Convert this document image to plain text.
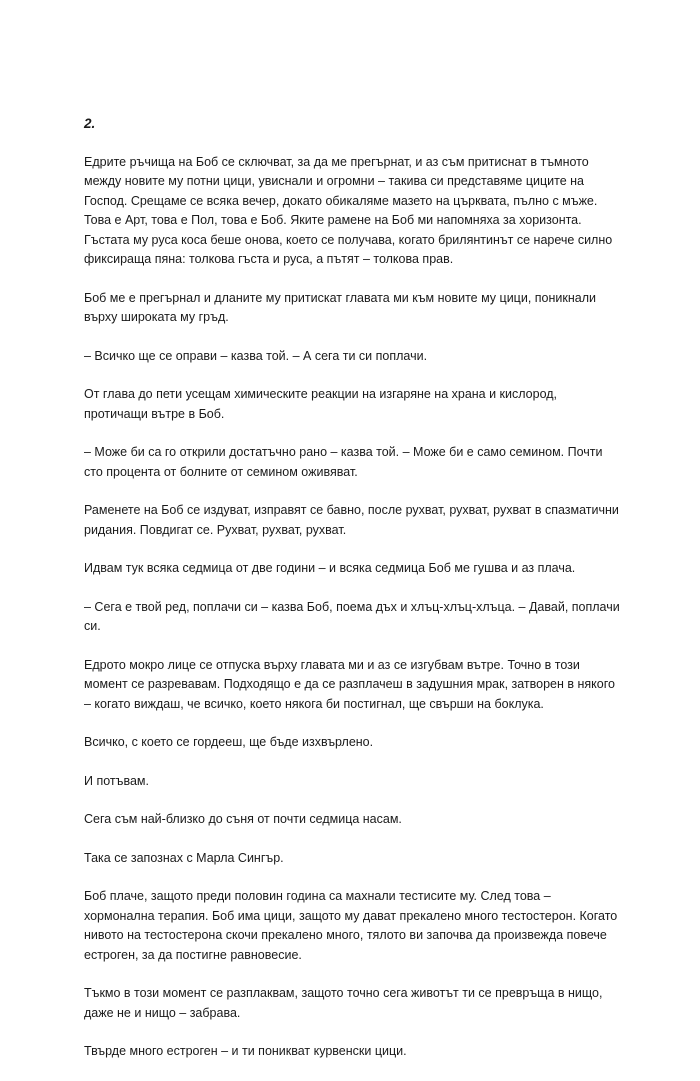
2.

Едрите ръчища на Боб се сключват, за да ме прегърнат, и аз съм притиснат в тъмното между новите му потни цици, увиснали и огромни – такива си представяме циците на Господ. Срещаме се всяка вечер, докато обикаляме мазето на църквата, пълно с мъже. Това е Арт, това е Пол, това е Боб. Яките рамене на Боб ми напомняха за хоризонта. Гъстата му руса коса беше онова, което се получава, когато брилянтинът се нарече силно фиксираща пяна: толкова гъста и руса, а пътят – толкова прав.

Боб ме е прегърнал и дланите му притискат главата ми към новите му цици, поникнали върху широката му гръд.

– Всичко ще се оправи – казва той. – А сега ти си поплачи.

От глава до пети усещам химическите реакции на изгаряне на храна и кислород, протичащи вътре в Боб.

– Може би са го открили достатъчно рано – казва той. – Може би е само семином. Почти сто процента от болните от семином оживяват.

Раменете на Боб се издуват, изправят се бавно, после рухват, рухват, рухват в спазматични ридания. Повдигат се. Рухват, рухват, рухват.

Идвам тук всяка седмица от две години – и всяка седмица Боб ме гушва и аз плача.

– Сега е твой ред, поплачи си – казва Боб, поема дъх и хлъц-хлъц-хлъца. – Давай, поплачи си.

Едрото мокро лице се отпуска върху главата ми и аз се изгубвам вътре. Точно в този момент се разревавам. Подходящо е да се разплачеш в задушния мрак, затворен в някого – когато виждаш, че всичко, което някога би постигнал, ще свърши на боклука.

Всичко, с което се гордееш, ще бъде изхвърлено.

И потъвам.

Сега съм най-близко до съня от почти седмица насам.

Така се запознах с Марла Сингър.

Боб плаче, защото преди половин година са махнали тестисите му. След това – хормонална терапия. Боб има цици, защото му дават прекалено много тестостерон. Когато нивото на тестостерона скочи прекалено много, тялото ви започва да произвежда повече естроген, за да постигне равновесие.

Тъкмо в този момент се разплаквам, защото точно сега животът ти се превръща в нищо, даже не и нищо – забрава.

Твърде много естроген – и ти поникват курвенски цици.
